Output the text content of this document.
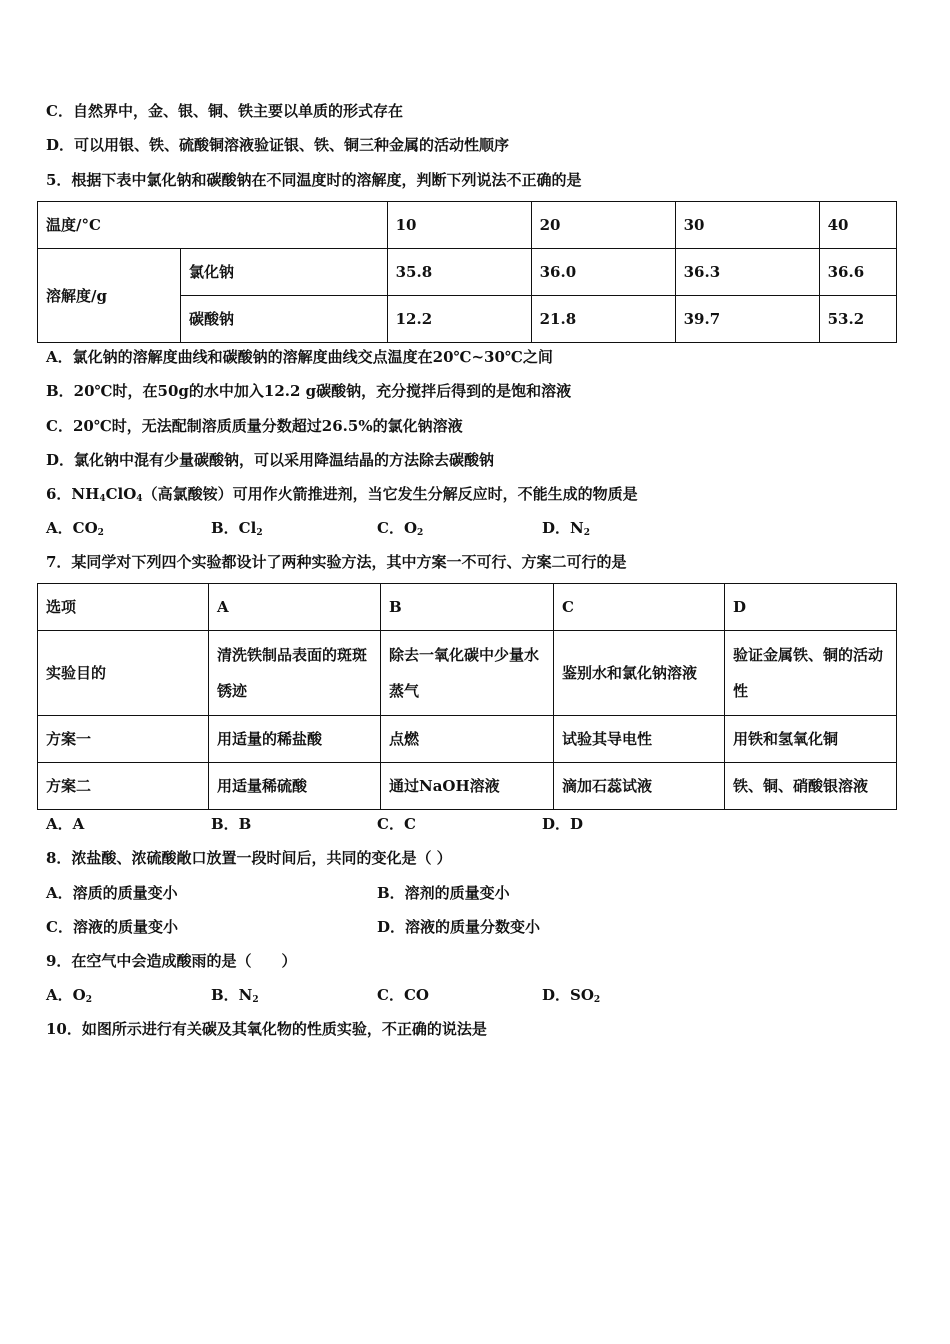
C．自然界中，金、银、铜、铁主要以单质的形式存在
D．可以用银、铁、硫酸铜溶液验证银、铁、铜三种金属的活动性顺序
5．根据下表中氯化钠和碳酸钠在不同温度时的溶解度，判断下列说法不正确的是
温度/°C		10	20	30	40
溶解度/g	氯化钠	35.8	36.0	36.3	36.6
	碳酸钠	12.2	21.8	39.7	53.2
A．氯化钠的溶解度曲线和碳酸钠的溶解度曲线交点温度在20℃~30℃之间
B．20℃时，在50g的水中加入12.2 g碳酸钠，充分搅拌后得到的是饱和溶液
C．20℃时，无法配制溶质质量分数超过26.5%的氯化钠溶液
D．氯化钠中混有少量碳酸钠，可以采用降温结晶的方法除去碳酸钠
6．$NH_4ClO_4$（高氯酸铵）可用作火箭推进剂，当它发生分解反应时，不能生成的物质是
A．$CO_2$	B．$Cl_2$	C．$O_2$	D．$N_2$
7．某同学对下列四个实验都设计了两种实验方法，其中方案一不可行、方案二可行的是
选项	A	B	C	D
实验目的	清洗铁制品表面的斑斑锈迹	除去一氧化碳中少量水蒸气	鉴别水和氯化钠溶液	验证金属铁、铜的活动性
方案一	用适量的稀盐酸	点燃	试验其导电性	用铁和氢氧化铜
方案二	用适量稀硫酸	通过NaOH溶液	滴加石蕊试液	铁、铜、硝酸银溶液
A．A	B．B	C．C	D．D
8．浓盐酸、浓硫酸敞口放置一段时间后，共同的变化是（ ）
A．溶质的质量变小	B．溶剂的质量变小
C．溶液的质量变小	D．溶液的质量分数变小
9．在空气中会造成酸雨的是（　　）
A．$O_2$	B．$N_2$	C．CO	D．$SO_2$
10．如图所示进行有关碳及其氧化物的性质实验，不正确的说法是
